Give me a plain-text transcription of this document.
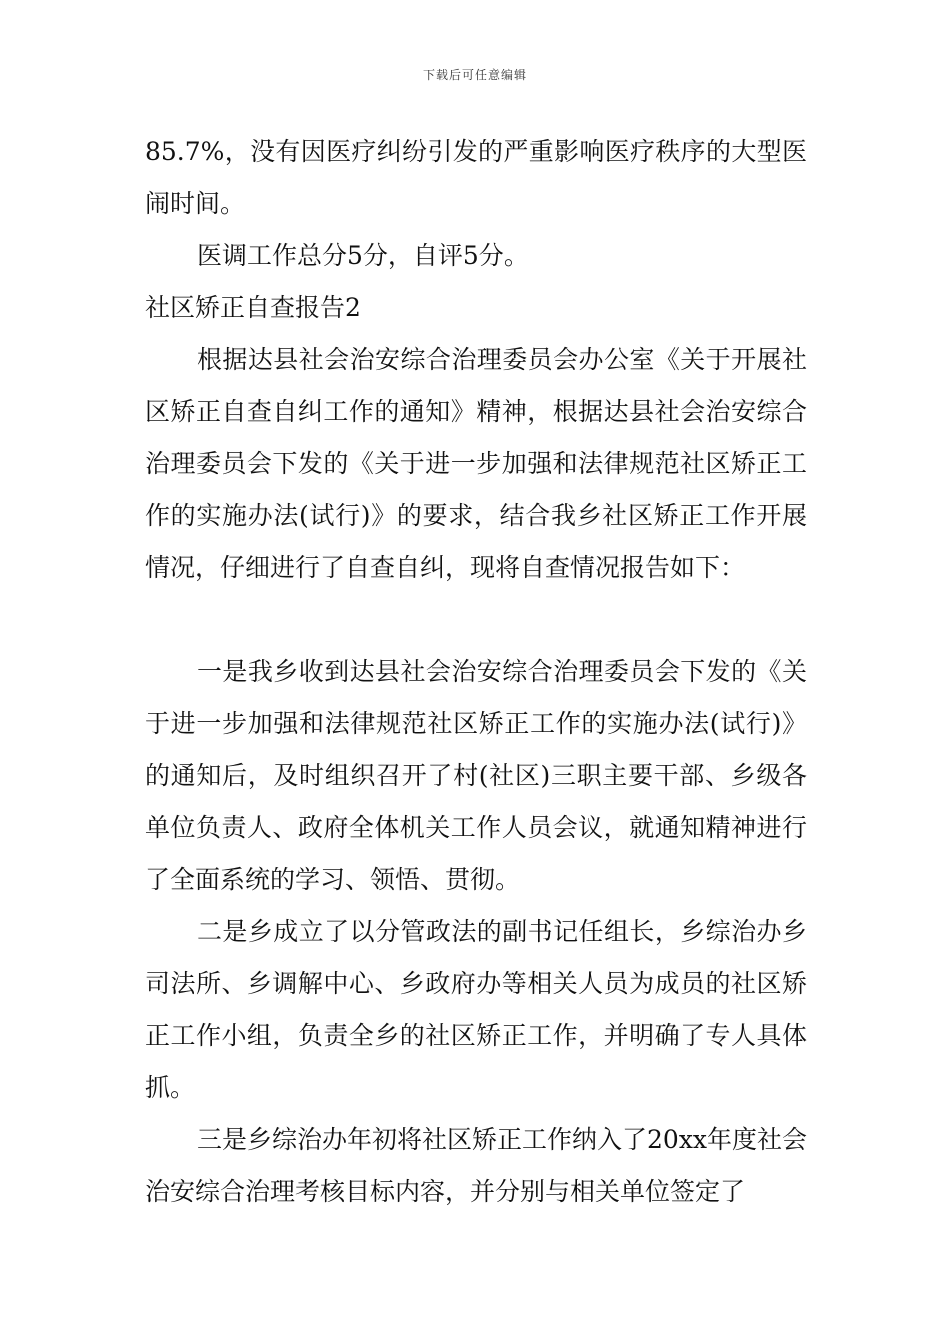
下载后可任意编辑

85.7%，没有因医疗纠纷引发的严重影响医疗秩序的大型医闹时间。

医调工作总分5分，自评5分。

社区矫正自查报告2

根据达县社会治安综合治理委员会办公室《关于开展社区矫正自查自纠工作的通知》精神，根据达县社会治安综合治理委员会下发的《关于进一步加强和法律规范社区矫正工作的实施办法(试行)》的要求，结合我乡社区矫正工作开展情况，仔细进行了自查自纠，现将自查情况报告如下：

一是我乡收到达县社会治安综合治理委员会下发的《关于进一步加强和法律规范社区矫正工作的实施办法(试行)》的通知后，及时组织召开了村(社区)三职主要干部、乡级各单位负责人、政府全体机关工作人员会议，就通知精神进行了全面系统的学习、领悟、贯彻。

二是乡成立了以分管政法的副书记任组长，乡综治办乡司法所、乡调解中心、乡政府办等相关人员为成员的社区矫正工作小组，负责全乡的社区矫正工作，并明确了专人具体抓。

三是乡综治办年初将社区矫正工作纳入了20xx年度社会治安综合治理考核目标内容，并分别与相关单位签定了
